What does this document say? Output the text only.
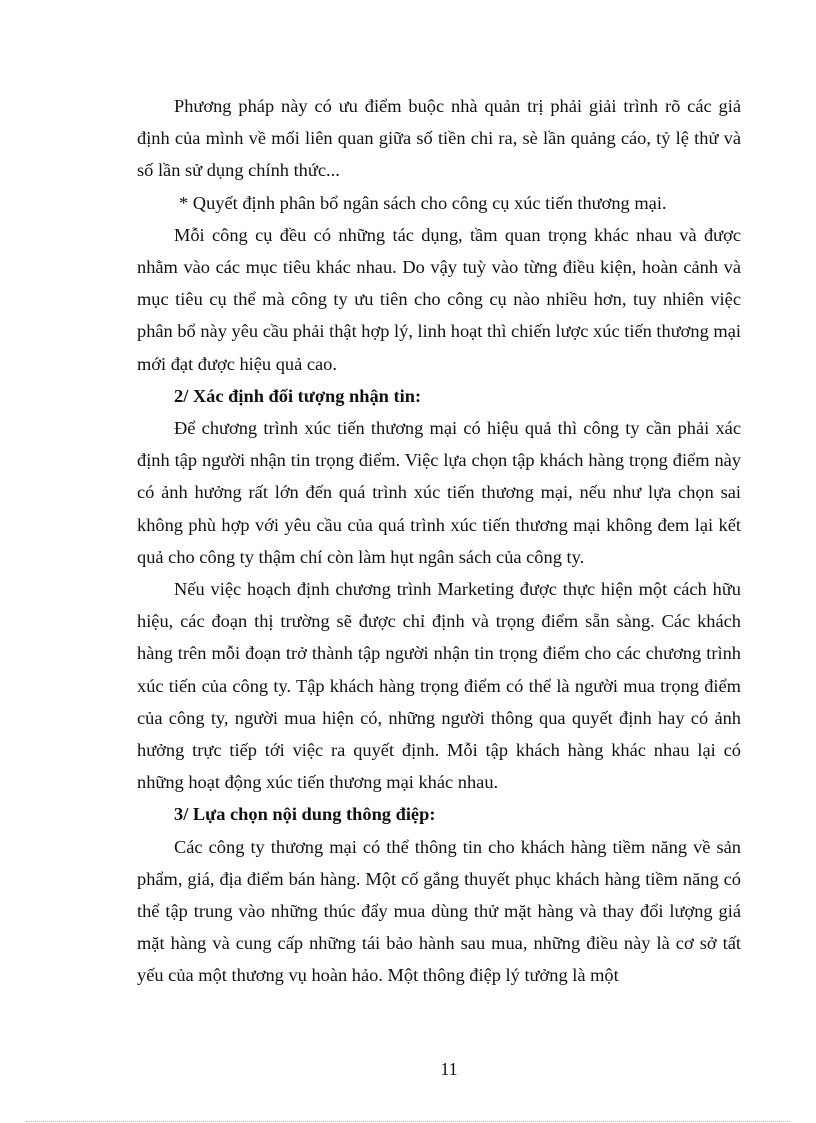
Phương pháp này có ưu điểm buộc nhà quản trị phải giải trình rõ các giả định của mình về mối liên quan giữa số tiền chi ra, sè lần quảng cáo, tỷ lệ thử và số lần sử dụng chính thức...

* Quyết định phân bổ ngân sách cho công cụ xúc tiến thương mại.

Mỗi công cụ đều có những tác dụng, tầm quan trọng khác nhau và được nhằm vào các mục tiêu khác nhau. Do vậy tuỳ vào từng điều kiện, hoàn cảnh và mục tiêu cụ thể mà công ty ưu tiên cho công cụ nào nhiều hơn, tuy nhiên việc phân bổ này yêu cầu phải thật hợp lý, linh hoạt thì chiến lược xúc tiến thương mại mới đạt được hiệu quả cao.

2/ Xác định đối tượng nhận tin:

Để chương trình xúc tiến thương mại có hiệu quả thì công ty cần phải xác định tập người nhận tin trọng điểm. Việc lựa chọn tập khách hàng trọng điểm này có ảnh hưởng rất lớn đến quá trình xúc tiến thương mại, nếu như lựa chọn sai không phù hợp với yêu cầu của quá trình xúc tiến thương mại không đem lại kết quả cho công ty thậm chí còn làm hụt ngân sách của công ty.

Nếu việc hoạch định chương trình Marketing được thực hiện một cách hữu hiệu, các đoạn thị trường sẽ được chỉ định và trọng điểm sẵn sàng. Các khách hàng trên mỗi đoạn trở thành tập người nhận tin trọng điểm cho các chương trình xúc tiến của công ty. Tập khách hàng trọng điểm có thể là người mua trọng điểm của công ty, người mua hiện có, những người thông qua quyết định hay có ảnh hưởng trực tiếp tới việc ra quyết định. Mỗi tập khách hàng khác nhau lại có những hoạt động xúc tiến thương mại khác nhau.

3/ Lựa chọn nội dung thông điệp:

Các công ty thương mại có thể thông tin cho khách hàng tiềm năng về sản phẩm, giá, địa điểm bán hàng. Một cố gắng thuyết phục khách hàng tiềm năng có thể tập trung vào những thúc đẩy mua dùng thử mặt hàng và thay đổi lượng giá mặt hàng và cung cấp những tái bảo hành sau mua, những điều này là cơ sở tất yếu của một thương vụ hoàn hảo. Một thông điệp lý tưởng là một

11
